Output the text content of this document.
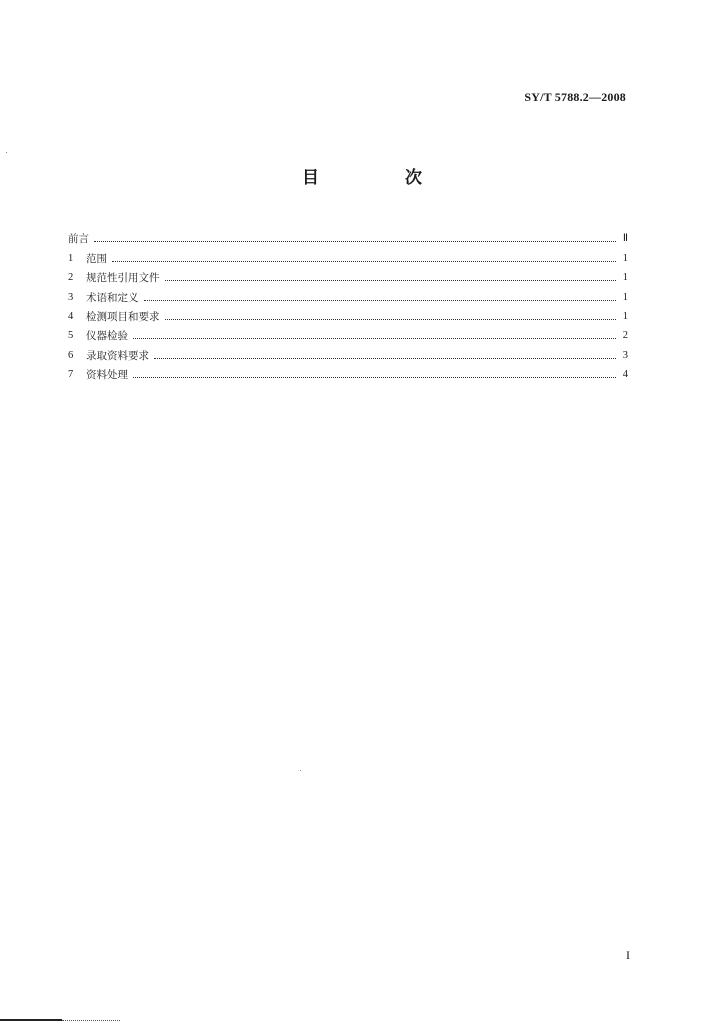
SY/T 5788.2—2008
目 次
前言	Ⅱ
1	范围	1
2	规范性引用文件	1
3	术语和定义	1
4	检测项目和要求	1
5	仪器检验	2
6	录取资料要求	3
7	资料处理	4
I
